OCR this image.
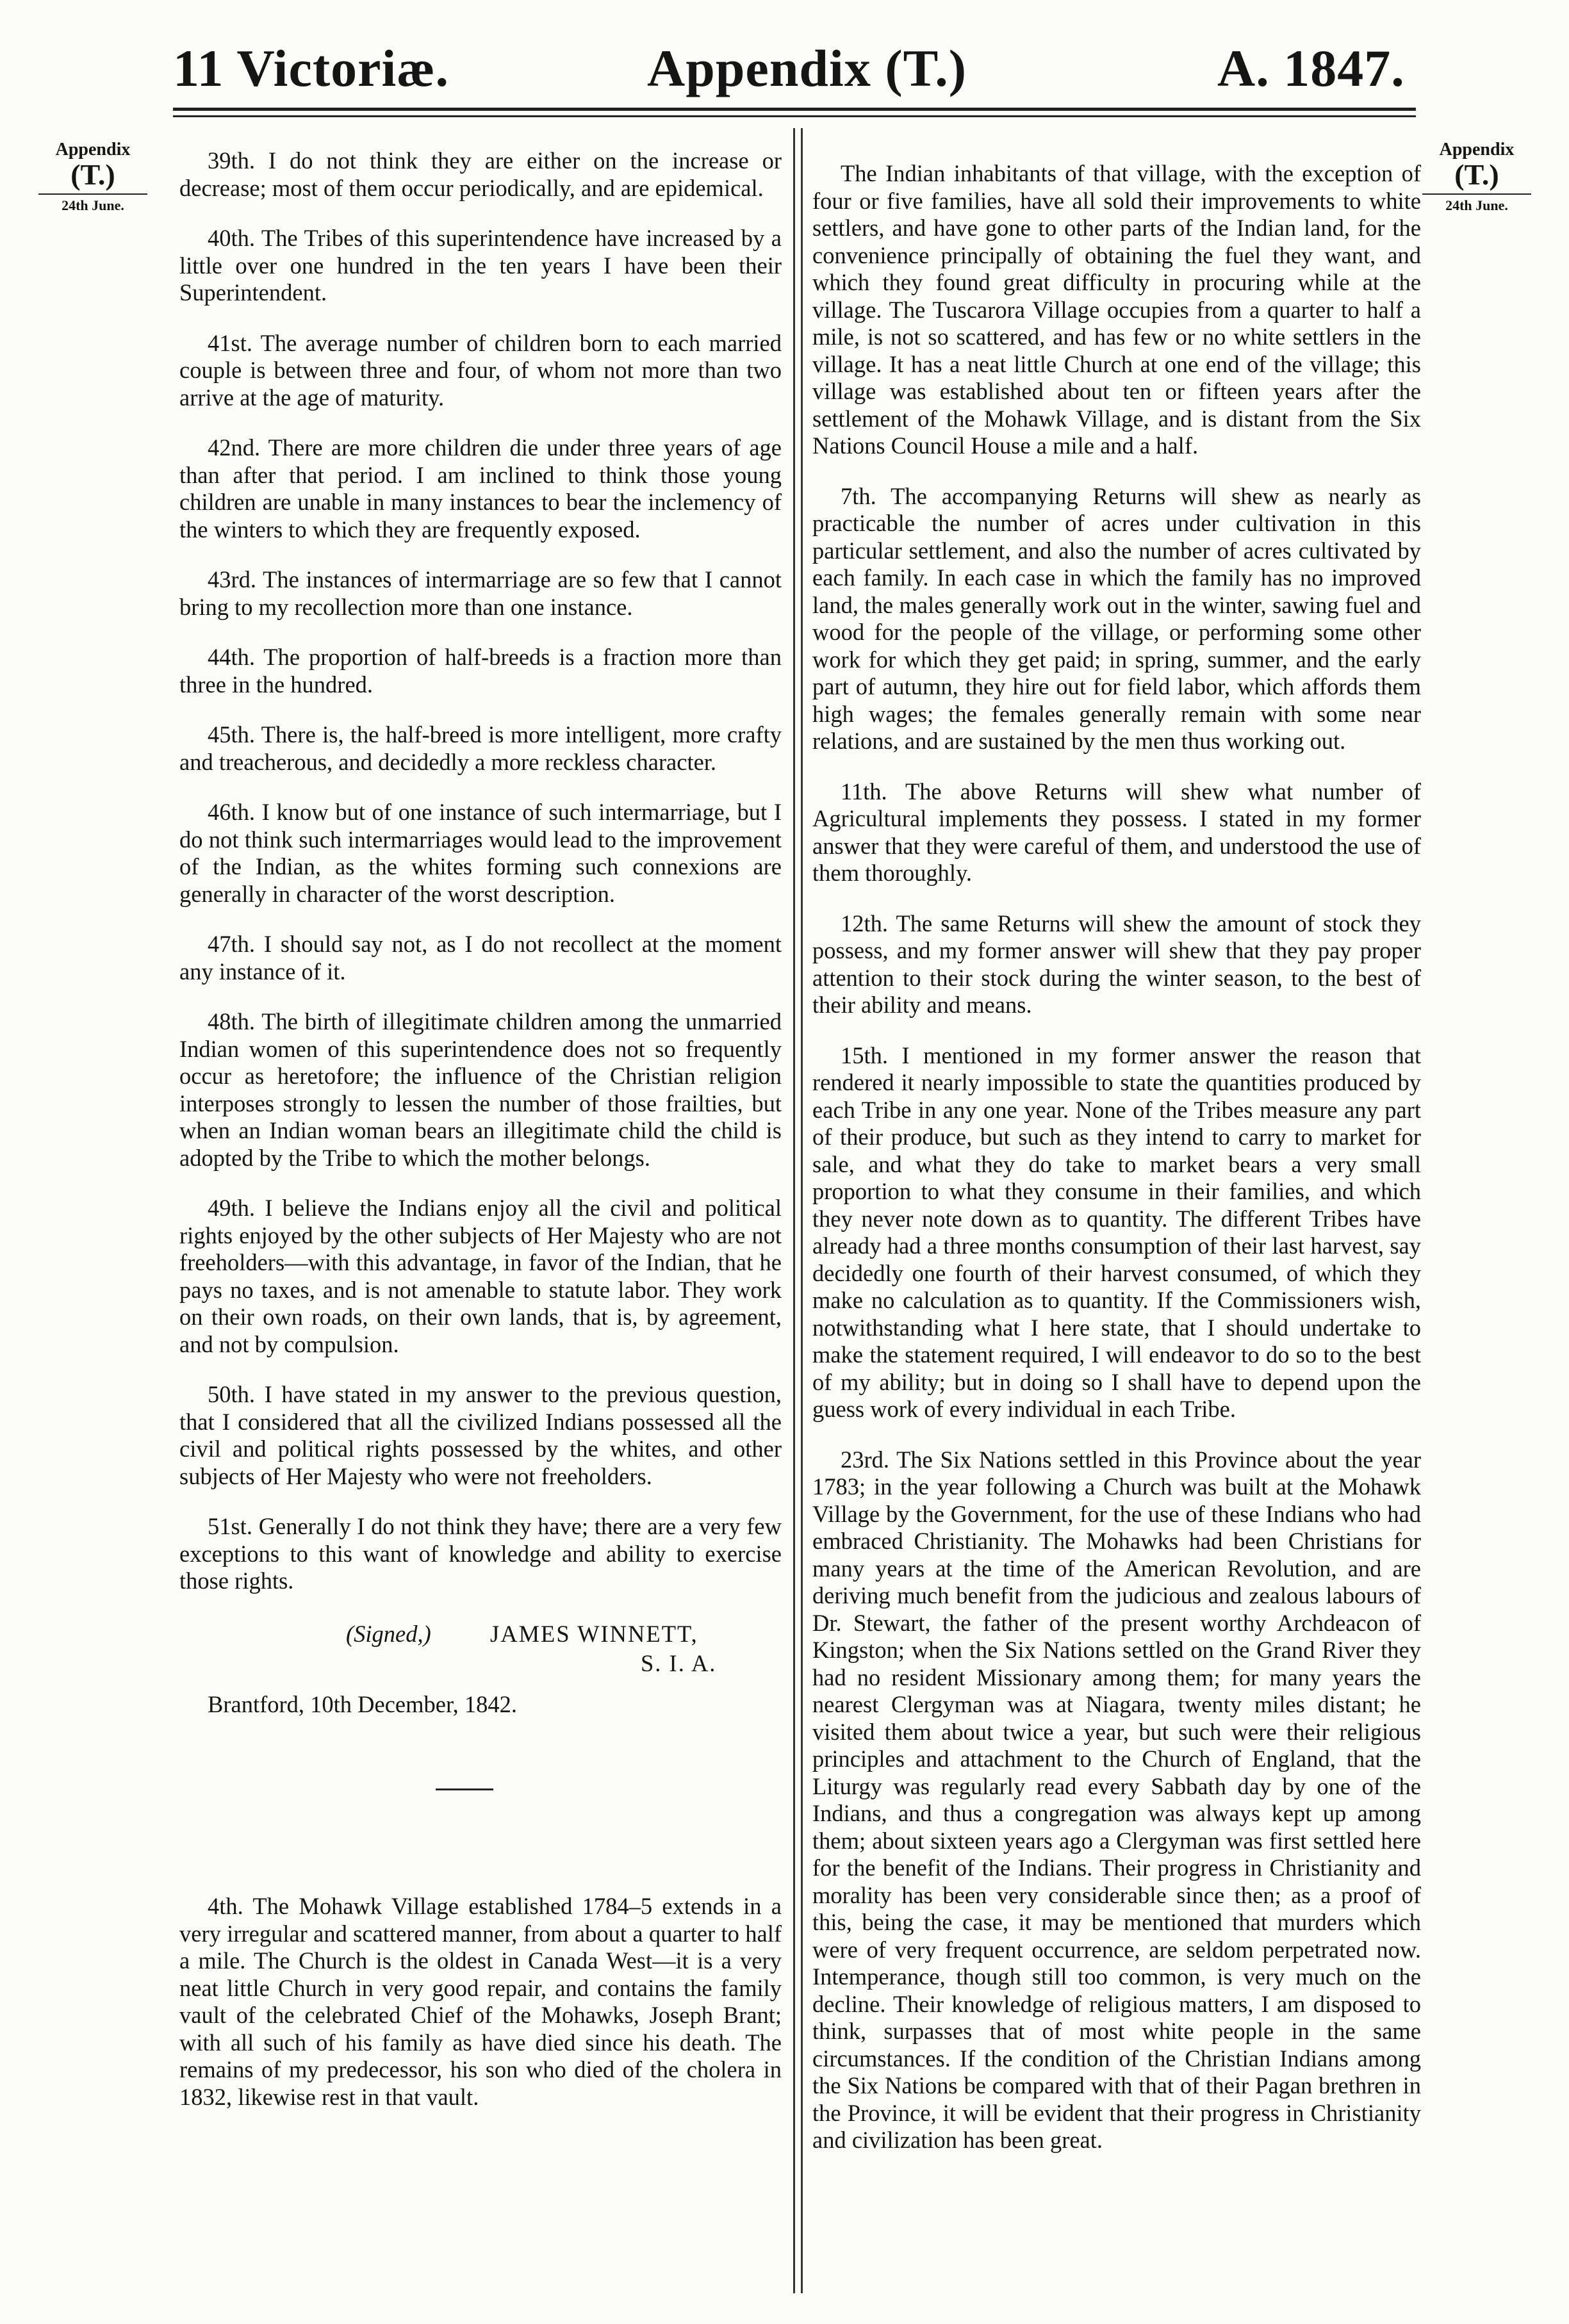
11 Victoriæ.	Appendix (T.)	A. 1847.
Appendix
(T.)
24th June.
Appendix
(T.)
24th June.

39th. I do not think they are either on the increase or decrease; most of them occur periodically, and are epidemical.

40th. The Tribes of this superintendence have increased by a little over one hundred in the ten years I have been their Superintendent.

41st. The average number of children born to each married couple is between three and four, of whom not more than two arrive at the age of maturity.

42nd. There are more children die under three years of age than after that period. I am inclined to think those young children are unable in many instances to bear the inclemency of the winters to which they are frequently exposed.

43rd. The instances of intermarriage are so few that I cannot bring to my recollection more than one instance.

44th. The proportion of half-breeds is a fraction more than three in the hundred.

45th. There is, the half-breed is more intelligent, more crafty and treacherous, and decidedly a more reckless character.

46th. I know but of one instance of such intermarriage, but I do not think such intermarriages would lead to the improvement of the Indian, as the whites forming such connexions are generally in character of the worst description.

47th. I should say not, as I do not recollect at the moment any instance of it.

48th. The birth of illegitimate children among the unmarried Indian women of this superintendence does not so frequently occur as heretofore; the influence of the Christian religion interposes strongly to lessen the number of those frailties, but when an Indian woman bears an illegitimate child the child is adopted by the Tribe to which the mother belongs.

49th. I believe the Indians enjoy all the civil and political rights enjoyed by the other subjects of Her Majesty who are not freeholders—with this advantage, in favor of the Indian, that he pays no taxes, and is not amenable to statute labor. They work on their own roads, on their own lands, that is, by agreement, and not by compulsion.

50th. I have stated in my answer to the previous question, that I considered that all the civilized Indians possessed all the civil and political rights possessed by the whites, and other subjects of Her Majesty who were not freeholders.

51st. Generally I do not think they have; there are a very few exceptions to this want of knowledge and ability to exercise those rights.

(Signed,)	JAMES WINNETT,
S. I. A.

Brantford, 10th December, 1842.

4th. The Mohawk Village established 1784–5 extends in a very irregular and scattered manner, from about a quarter to half a mile. The Church is the oldest in Canada West—it is a very neat little Church in very good repair, and contains the family vault of the celebrated Chief of the Mohawks, Joseph Brant; with all such of his family as have died since his death. The remains of my predecessor, his son who died of the cholera in 1832, likewise rest in that vault.

The Indian inhabitants of that village, with the exception of four or five families, have all sold their improvements to white settlers, and have gone to other parts of the Indian land, for the convenience principally of obtaining the fuel they want, and which they found great difficulty in procuring while at the village. The Tuscarora Village occupies from a quarter to half a mile, is not so scattered, and has few or no white settlers in the village. It has a neat little Church at one end of the village; this village was established about ten or fifteen years after the settlement of the Mohawk Village, and is distant from the Six Nations Council House a mile and a half.

7th. The accompanying Returns will shew as nearly as practicable the number of acres under cultivation in this particular settlement, and also the number of acres cultivated by each family. In each case in which the family has no improved land, the males generally work out in the winter, sawing fuel and wood for the people of the village, or performing some other work for which they get paid; in spring, summer, and the early part of autumn, they hire out for field labor, which affords them high wages; the females generally remain with some near relations, and are sustained by the men thus working out.

11th. The above Returns will shew what number of Agricultural implements they possess. I stated in my former answer that they were careful of them, and understood the use of them thoroughly.

12th. The same Returns will shew the amount of stock they possess, and my former answer will shew that they pay proper attention to their stock during the winter season, to the best of their ability and means.

15th. I mentioned in my former answer the reason that rendered it nearly impossible to state the quantities produced by each Tribe in any one year. None of the Tribes measure any part of their produce, but such as they intend to carry to market for sale, and what they do take to market bears a very small proportion to what they consume in their families, and which they never note down as to quantity. The different Tribes have already had a three months consumption of their last harvest, say decidedly one fourth of their harvest consumed, of which they make no calculation as to quantity. If the Commissioners wish, notwithstanding what I here state, that I should undertake to make the statement required, I will endeavor to do so to the best of my ability; but in doing so I shall have to depend upon the guess work of every individual in each Tribe.

23rd. The Six Nations settled in this Province about the year 1783; in the year following a Church was built at the Mohawk Village by the Government, for the use of these Indians who had embraced Christianity. The Mohawks had been Christians for many years at the time of the American Revolution, and are deriving much benefit from the judicious and zealous labours of Dr. Stewart, the father of the present worthy Archdeacon of Kingston; when the Six Nations settled on the Grand River they had no resident Missionary among them; for many years the nearest Clergyman was at Niagara, twenty miles distant; he visited them about twice a year, but such were their religious principles and attachment to the Church of England, that the Liturgy was regularly read every Sabbath day by one of the Indians, and thus a congregation was always kept up among them; about sixteen years ago a Clergyman was first settled here for the benefit of the Indians. Their progress in Christianity and morality has been very considerable since then; as a proof of this, being the case, it may be mentioned that murders which were of very frequent occurrence, are seldom perpetrated now. Intemperance, though still too common, is very much on the decline. Their knowledge of religious matters, I am disposed to think, surpasses that of most white people in the same circumstances. If the condition of the Christian Indians among the Six Nations be compared with that of their Pagan brethren in the Province, it will be evident that their progress in Christianity and civilization has been great.
